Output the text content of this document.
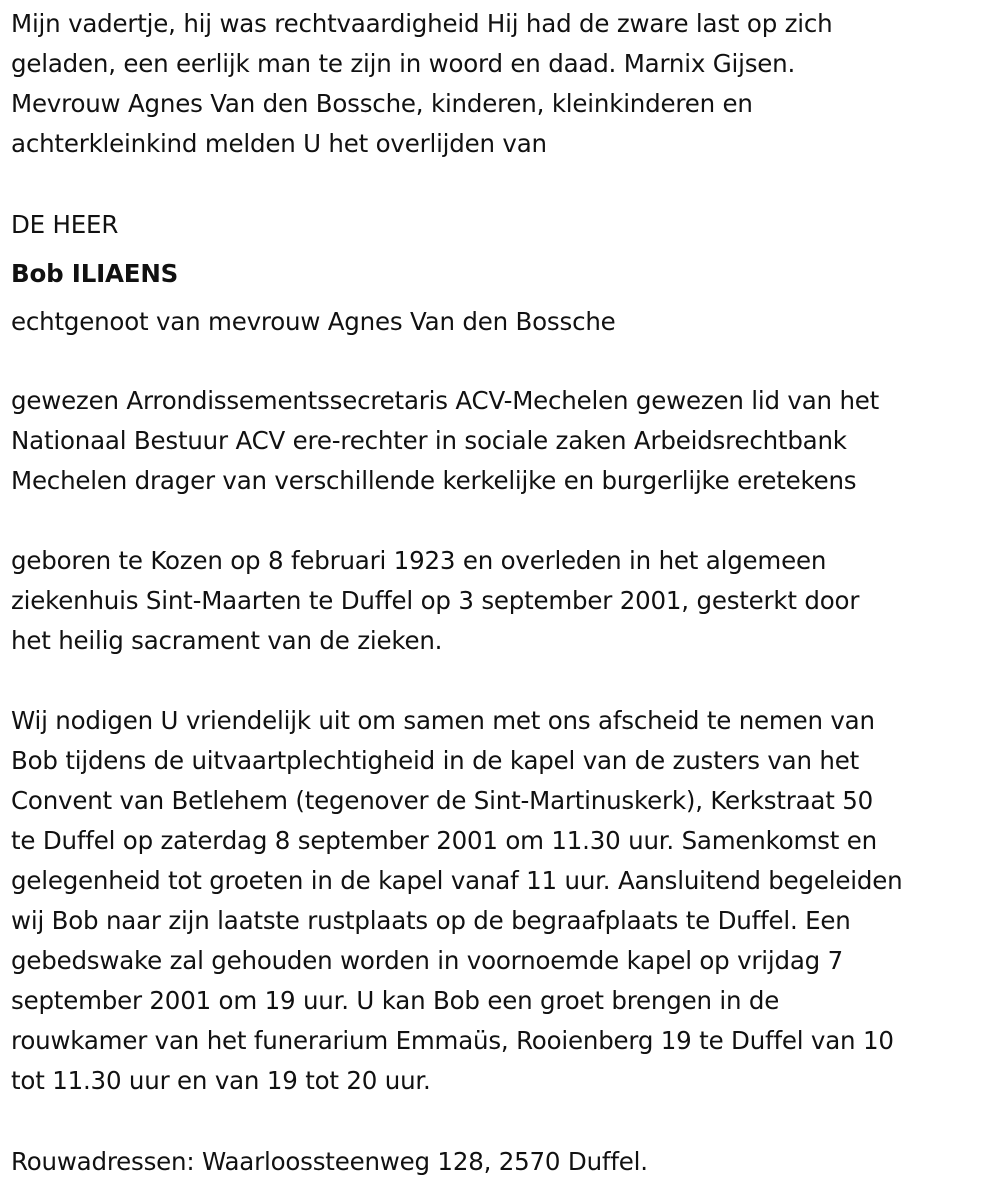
Mijn vadertje, hij was rechtvaardigheid Hij had de zware last op zich
geladen, een eerlijk man te zijn in woord en daad. Marnix Gijsen.
Mevrouw Agnes Van den Bossche, kinderen, kleinkinderen en
achterkleinkind melden U het overlijden van
DE HEER
Bob ILIAENS
echtgenoot van mevrouw Agnes Van den Bossche
gewezen Arrondissementssecretaris ACV-Mechelen gewezen lid van het
Nationaal Bestuur ACV ere-rechter in sociale zaken Arbeidsrechtbank
Mechelen drager van verschillende kerkelijke en burgerlijke eretekens
geboren te Kozen op 8 februari 1923 en overleden in het algemeen
ziekenhuis Sint-Maarten te Duffel op 3 september 2001, gesterkt door
het heilig sacrament van de zieken.
Wij nodigen U vriendelijk uit om samen met ons afscheid te nemen van
Bob tijdens de uitvaartplechtigheid in de kapel van de zusters van het
Convent van Betlehem (tegenover de Sint-Martinuskerk), Kerkstraat 50
te Duffel op zaterdag 8 september 2001 om 11.30 uur. Samenkomst en
gelegenheid tot groeten in de kapel vanaf 11 uur. Aansluitend begeleiden
wij Bob naar zijn laatste rustplaats op de begraafplaats te Duffel. Een
gebedswake zal gehouden worden in voornoemde kapel op vrijdag 7
september 2001 om 19 uur. U kan Bob een groet brengen in de
rouwkamer van het funerarium Emmaüs, Rooienberg 19 te Duffel van 10
tot 11.30 uur en van 19 tot 20 uur.
Rouwadressen: Waarloossteenweg 128, 2570 Duffel.
